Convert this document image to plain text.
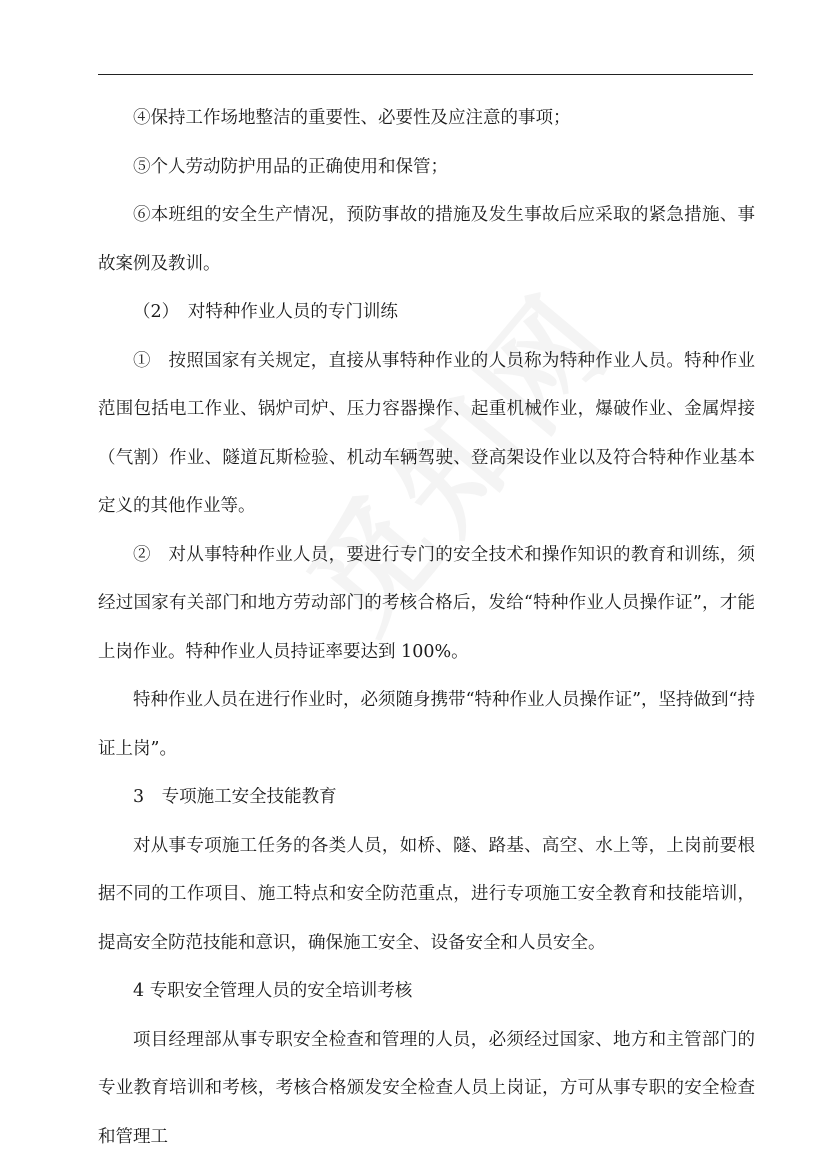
④保持工作场地整洁的重要性、必要性及应注意的事项；

⑤个人劳动防护用品的正确使用和保管；

⑥本班组的安全生产情况，预防事故的措施及发生事故后应采取的紧急措施、事故案例及教训。

（2）　对特种作业人员的专门训练

①　按照国家有关规定，直接从事特种作业的人员称为特种作业人员。特种作业范围包括电工作业、锅炉司炉、压力容器操作、起重机械作业，爆破作业、金属焊接（气割）作业、隧道瓦斯检验、机动车辆驾驶、登高架设作业以及符合特种作业基本定义的其他作业等。

②　对从事特种作业人员，要进行专门的安全技术和操作知识的教育和训练，须经过国家有关部门和地方劳动部门的考核合格后，发给“特种作业人员操作证”，才能上岗作业。特种作业人员持证率要达到 100%。

特种作业人员在进行作业时，必须随身携带“特种作业人员操作证”，坚持做到“持证上岗”。

3　专项施工安全技能教育

对从事专项施工任务的各类人员，如桥、隧、路基、高空、水上等，上岗前要根据不同的工作项目、施工特点和安全防范重点，进行专项施工安全教育和技能培训，提高安全防范技能和意识，确保施工安全、设备安全和人员安全。

4 专职安全管理人员的安全培训考核

项目经理部从事专职安全检查和管理的人员，必须经过国家、地方和主管部门的专业教育培训和考核，考核合格颁发安全检查人员上岗证，方可从事专职的安全检查和管理工
